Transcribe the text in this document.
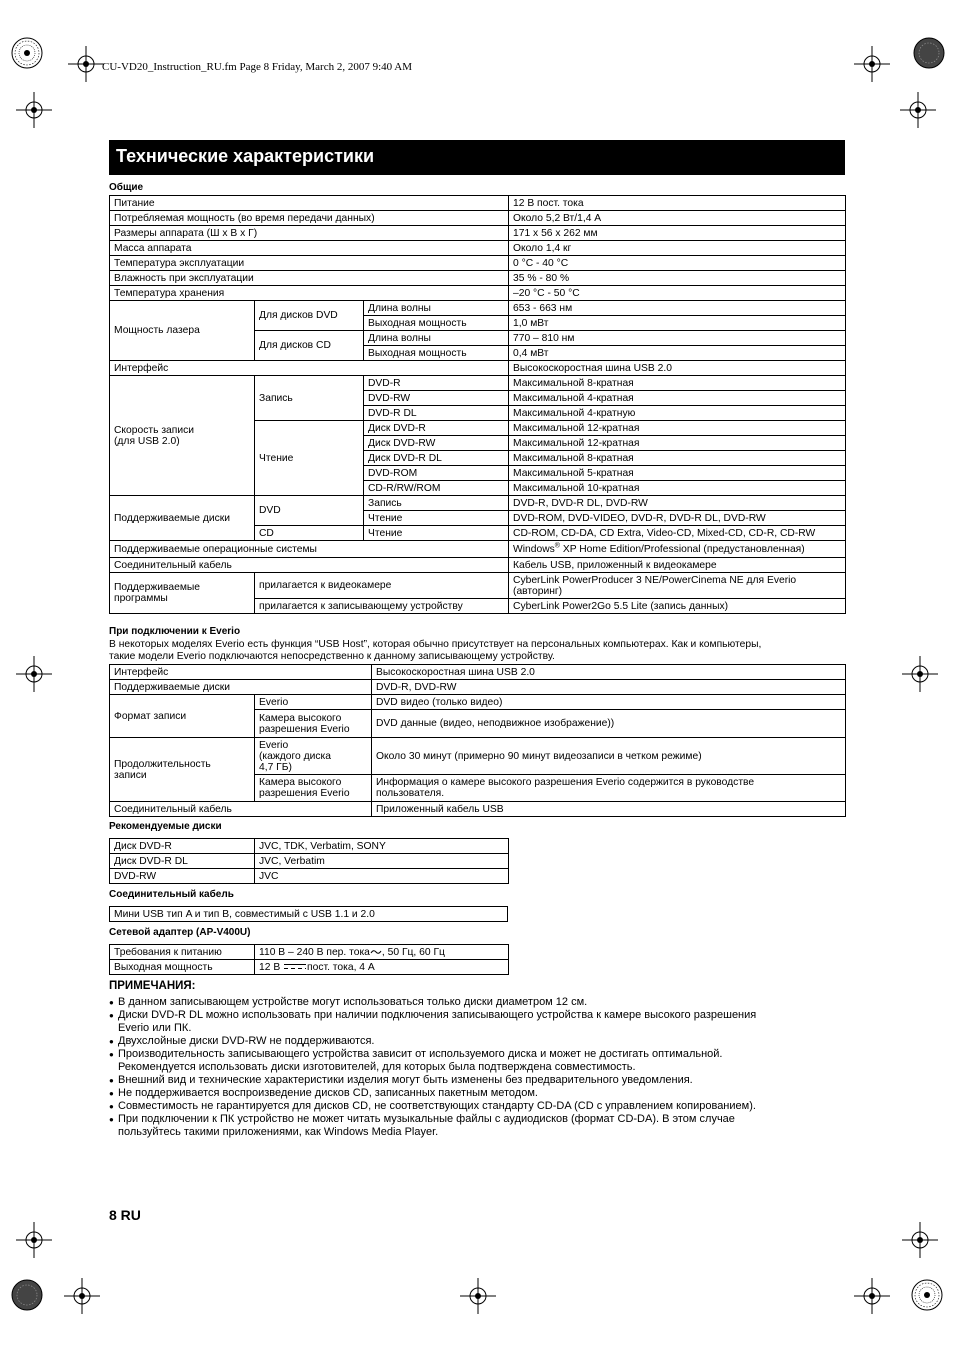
CU-VD20_Instruction_RU.fm Page 8 Friday, March 2, 2007 9:40 AM
Технические характеристики
Общие
Питание			12 В пост. тока
Потребляемая мощность (во время передачи данных)			Около 5,2 Вт/1,4 А
Размеры аппарата (Ш x В x Г)			171 x 56 x 262 мм
Масса аппарата			Около 1,4 кг
Температура эксплуатации			0 °C - 40 °C
Влажность при эксплуатации			35 % - 80 %
Температура хранения			–20 °C - 50 °C
Мощность лазера	Для дисков DVD	Длина волны	653 - 663 нм
		Выходная мощность	1,0 мВт
	Для дисков CD	Длина волны	770 – 810 нм
		Выходная мощность	0,4 мВт
Интерфейс			Высокоскоростная шина USB 2.0
Скорость записи
(для USB 2.0)	Запись	DVD-R	Максимальной 8-кратная
		DVD-RW	Максимальной 4-кратная
		DVD-R DL	Максимальной 4-кратную
	Чтение	Диск DVD-R	Максимальной 12-кратная
		Диск DVD-RW	Максимальной 12-кратная
		Диск DVD-R DL	Максимальной 8-кратная
		DVD-ROM	Максимальной 5-кратная
		CD-R/RW/ROM	Максимальной 10-кратная
Поддерживаемые диски	DVD	Запись	DVD-R, DVD-R DL, DVD-RW
		Чтение	DVD-ROM, DVD-VIDEO, DVD-R, DVD-R DL, DVD-RW
	CD	Чтение	CD-ROM, CD-DA, CD Extra, Video-CD, Mixed-CD, CD-R, CD-RW
Поддерживаемые операционные системы			Windows® XP Home Edition/Professional (предустановленная)
Соединительный кабель			Кабель USB, приложенный к видеокамере
Поддерживаемые
программы	прилагается к видеокамере		CyberLink PowerProducer 3 NE/PowerCinema NE для Everio
(авторинг)
	прилагается к записывающему устройству		CyberLink Power2Go 5.5 Lite (запись данных)
При подключении к Everio
В некоторых моделях Everio есть функция “USB Host”, которая обычно присутствует на персональных компьютерах. Как и компьютеры,
такие модели Everio подключаются непосредственно к данному записывающему устройству.
Интерфейс		Высокоскоростная шина USB 2.0
Поддерживаемые диски		DVD-R, DVD-RW
Формат записи	Everio	DVD видео (только видео)
	Камера высокого
разрешения Everio	DVD данные (видео, неподвижное изображение))
Продолжительность
записи	Everio
(каждого диска
4,7 ГБ)	Около 30 минут (примерно 90 минут видеозаписи в четком режиме)
	Камера высокого
разрешения Everio	Информация о камере высокого разрешения Everio содержится в руководстве
пользователя.
Соединительный кабель		Приложенный кабель USB
Рекомендуемые диски
Диск DVD-R	JVC, TDK, Verbatim, SONY
Диск DVD-R DL	JVC, Verbatim
DVD-RW	JVC
Соединительный кабель
Мини USB тип A и тип B, совместимый с USB 1.1 и 2.0
Сетевой адаптер (AP-V400U)
Требования к питанию	110 В – 240 В пер. тока , 50 Гц, 60 Гц
Выходная мощность	12 В пост. тока, 4 А
ПРИМЕЧАНИЯ:
● В данном записывающем устройстве могут использоваться только диски диаметром 12 см.
● Диски DVD-R DL можно использовать при наличии подключения записывающего устройства к камере высокого разрешения
Everio или ПК.
● Двухслойные диски DVD-RW не поддерживаются.
● Производительность записывающего устройства зависит от используемого диска и может не достигать оптимальной.
Рекомендуется использовать диски изготовителей, для которых была подтверждена совместимость.
● Внешний вид и технические характеристики изделия могут быть изменены без предварительного уведомления.
● Не поддерживается воспроизведение дисков CD, записанных пакетным методом.
● Совместимость не гарантируется для дисков CD, не соответствующих стандарту CD-DA (CD с управлением копированием).
● При подключении к ПК устройство не может читать музыкальные файлы с аудиодисков (формат CD-DA). В этом случае
пользуйтесь такими приложениями, как Windows Media Player.
8 RU
